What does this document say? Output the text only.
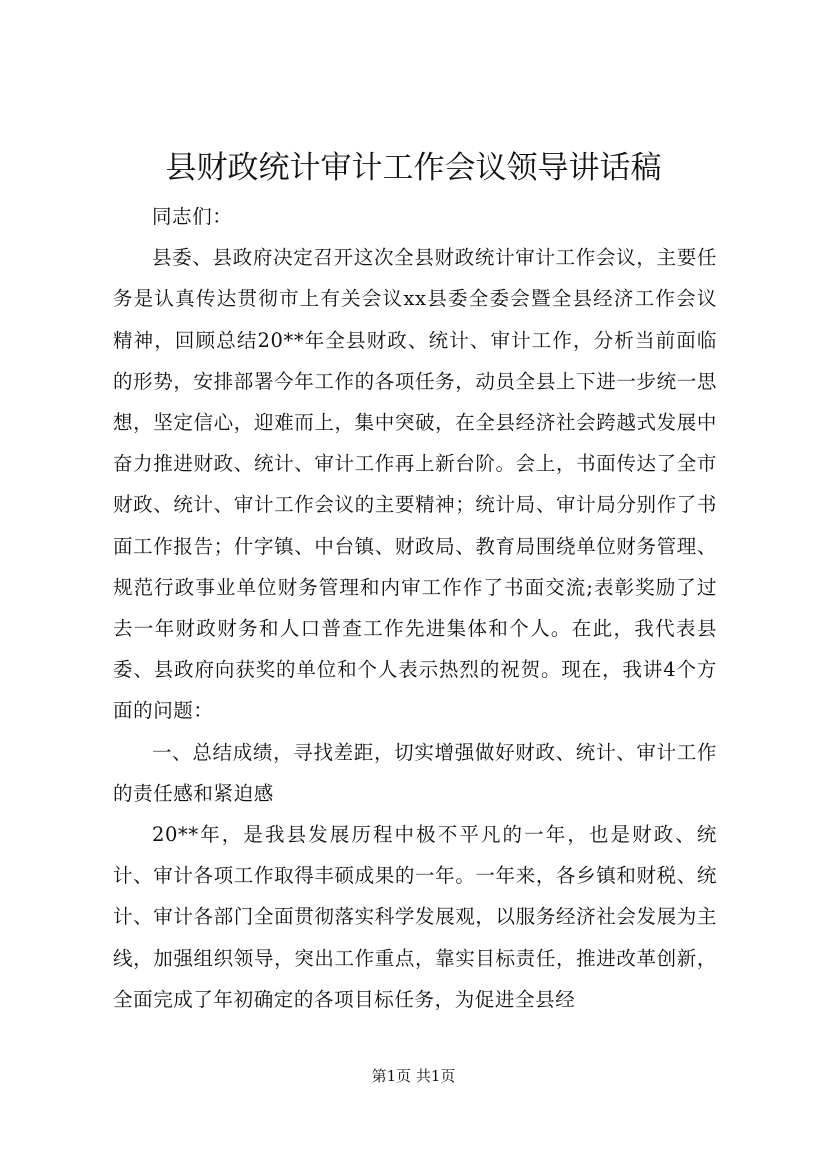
县财政统计审计工作会议领导讲话稿

同志们：

县委、县政府决定召开这次全县财政统计审计工作会议，主要任务是认真传达贯彻市上有关会议xx县委全委会暨全县经济工作会议精神，回顾总结20**年全县财政、统计、审计工作，分析当前面临的形势，安排部署今年工作的各项任务，动员全县上下进一步统一思想，坚定信心，迎难而上，集中突破，在全县经济社会跨越式发展中奋力推进财政、统计、审计工作再上新台阶。会上，书面传达了全市财政、统计、审计工作会议的主要精神；统计局、审计局分别作了书面工作报告；什字镇、中台镇、财政局、教育局围绕单位财务管理、规范行政事业单位财务管理和内审工作作了书面交流;表彰奖励了过去一年财政财务和人口普查工作先进集体和个人。在此，我代表县委、县政府向获奖的单位和个人表示热烈的祝贺。现在，我讲4个方面的问题：

一、总结成绩，寻找差距，切实增强做好财政、统计、审计工作的责任感和紧迫感

20**年，是我县发展历程中极不平凡的一年，也是财政、统计、审计各项工作取得丰硕成果的一年。一年来，各乡镇和财税、统计、审计各部门全面贯彻落实科学发展观，以服务经济社会发展为主线，加强组织领导，突出工作重点，靠实目标责任，推进改革创新，全面完成了年初确定的各项目标任务，为促进全县经

第1页 共1页
